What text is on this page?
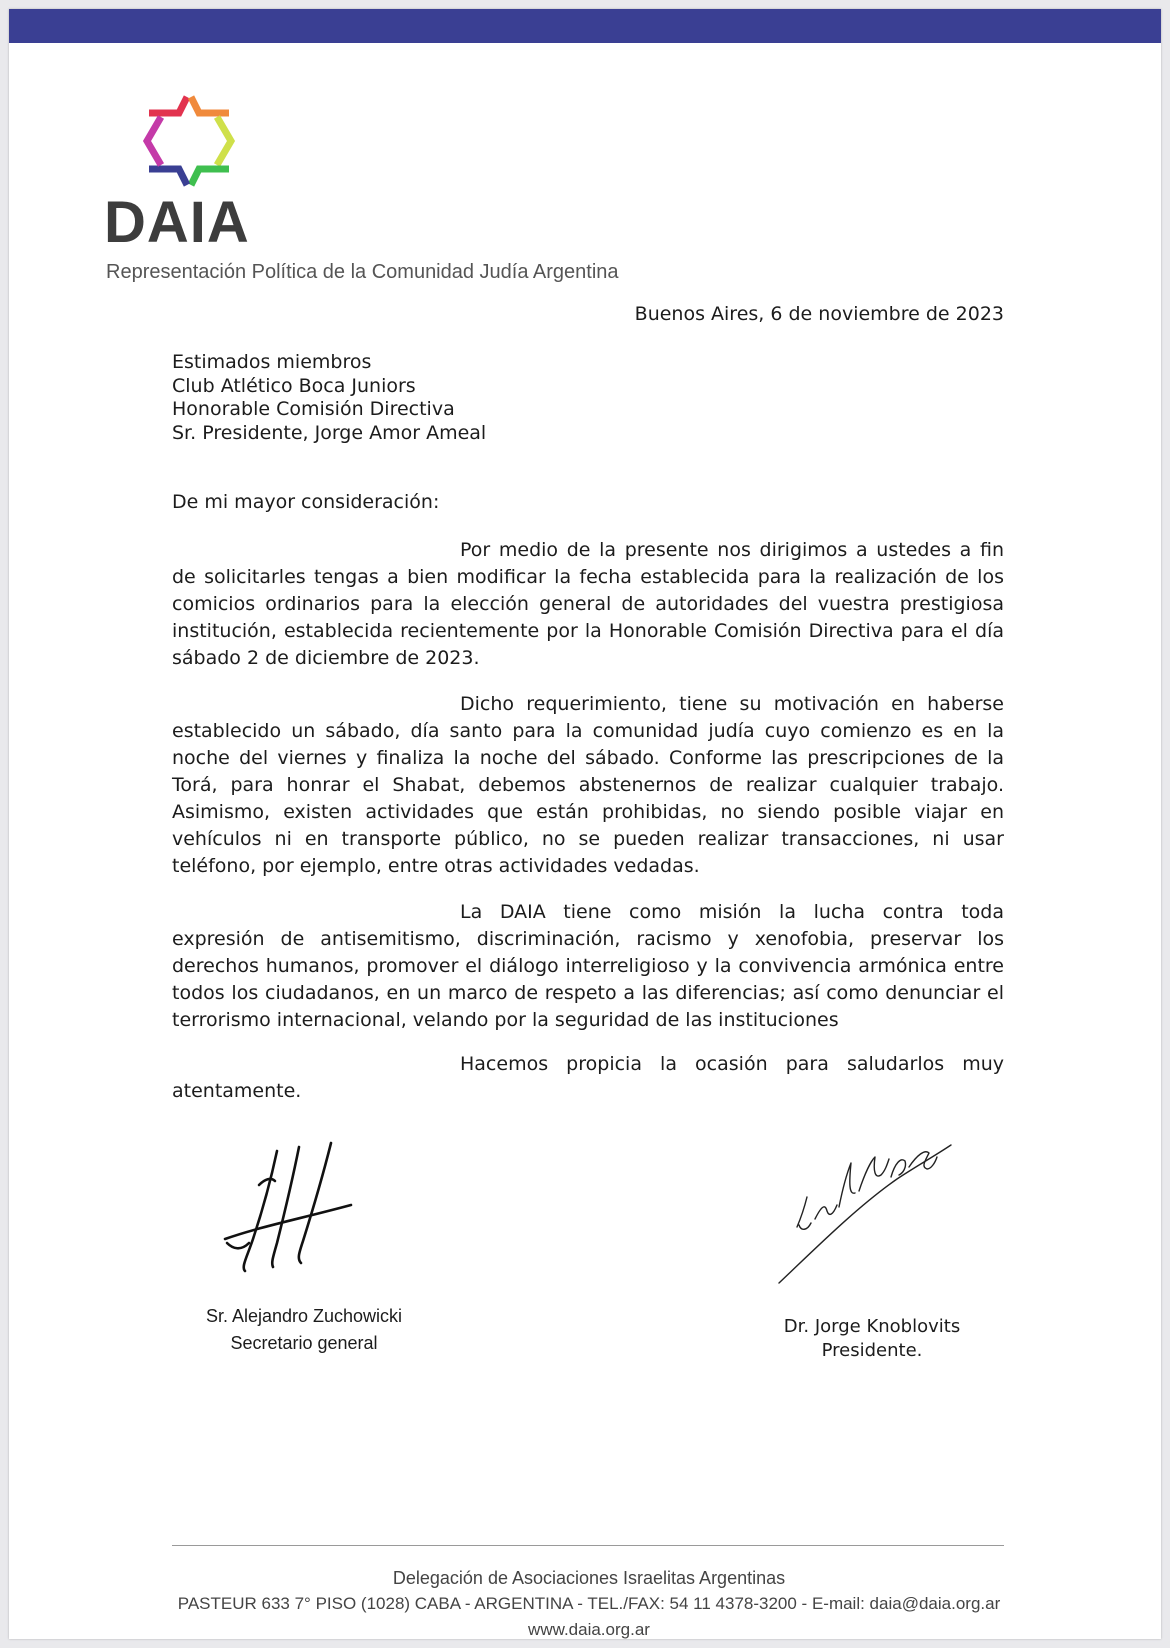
DAIA
Representación Política de la Comunidad Judía Argentina
Buenos Aires, 6 de noviembre de 2023
Estimados miembros
Club Atlético Boca Juniors
Honorable Comisión Directiva
Sr. Presidente, Jorge Amor Ameal
De mi mayor consideración:

Por medio de la presente nos dirigimos a ustedes a fin de solicitarles tengas a bien modificar la fecha establecida para la realización de los comicios ordinarios para la elección general de autoridades del vuestra prestigiosa institución, establecida recientemente por la Honorable Comisión Directiva para el día sábado 2 de diciembre de 2023.

Dicho requerimiento, tiene su motivación en haberse establecido un sábado, día santo para la comunidad judía cuyo comienzo es en la noche del viernes y finaliza la noche del sábado. Conforme las prescripciones de la Torá, para honrar el Shabat, debemos abstenernos de realizar cualquier trabajo. Asimismo, existen actividades que están prohibidas, no siendo posible viajar en vehículos ni en transporte público, no se pueden realizar transacciones, ni usar teléfono, por ejemplo, entre otras actividades vedadas.

La DAIA tiene como misión la lucha contra toda expresión de antisemitismo, discriminación, racismo y xenofobia, preservar los derechos humanos, promover el diálogo interreligioso y la convivencia armónica entre todos los ciudadanos, en un marco de respeto a las diferencias; así como denunciar el terrorismo internacional, velando por la seguridad de las instituciones

Hacemos propicia la ocasión para saludarlos muy atentamente.

Sr. Alejandro Zuchowicki
Secretario general
Dr. Jorge Knoblovits
Presidente.
Delegación de Asociaciones Israelitas Argentinas
PASTEUR 633 7° PISO (1028) CABA - ARGENTINA - TEL./FAX: 54 11 4378-3200 - E-mail: daia@daia.org.ar
www.daia.org.ar
